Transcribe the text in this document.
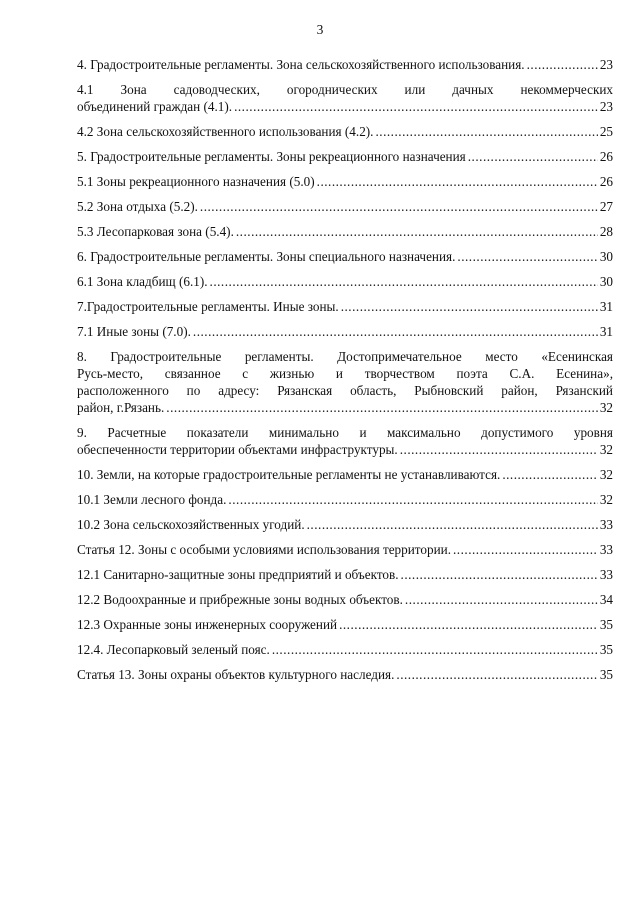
3
4. Градостроительные регламенты. Зона сельскохозяйственного использования. .....	23
4.1 Зона садоводческих, огороднических или дачных некоммерческих
объединений граждан (4.1). .....	23
4.2 Зона сельскохозяйственного использования (4.2). .....	25
5. Градостроительные регламенты. Зоны рекреационного назначения .....	26
5.1 Зоны рекреационного назначения (5.0) .....	26
5.2 Зона отдыха (5.2). .....	27
5.3 Лесопарковая зона (5.4). .....	28
6. Градостроительные регламенты. Зоны специального назначения. .....	30
6.1 Зона кладбищ (6.1). .....	30
7.Градостроительные регламенты. Иные зоны. .....	31
7.1 Иные зоны (7.0). .....	31
8. Градостроительные регламенты. Достопримечательное место «Есенинская
Русь-место, связанное с жизнью и творчеством поэта С.А. Есенина»,
расположенного по адресу: Рязанская область, Рыбновский район, Рязанский
район, г.Рязань. .....	32
9. Расчетные показатели минимально и максимально допустимого уровня
обеспеченности территории объектами инфраструктуры. .....	32
10. Земли, на которые градостроительные регламенты не устанавливаются. .....	32
10.1 Земли лесного фонда. .....	32
10.2 Зона сельскохозяйственных угодий. .....	33
Статья 12. Зоны с особыми условиями использования территории. .....	33
12.1 Санитарно-защитные зоны предприятий и объектов. .....	33
12.2 Водоохранные и прибрежные зоны водных объектов. .....	34
12.3 Охранные зоны инженерных сооружений .....	35
12.4. Лесопарковый зеленый пояс. .....	35
Статья 13. Зоны охраны объектов культурного наследия. .....	35
